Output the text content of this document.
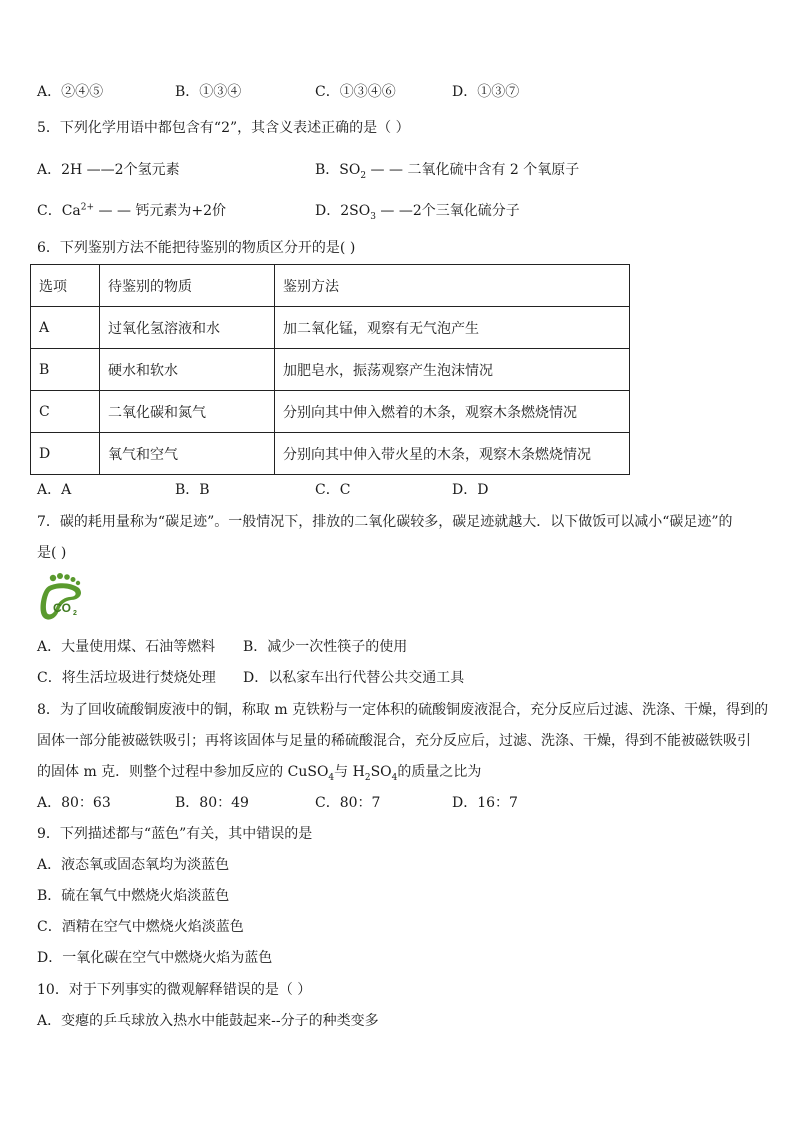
A．②④⑤	B．①③④	C．①③④⑥	D．①③⑦
5．下列化学用语中都包含有“2”，其含义表述正确的是（ ）
A．2H ——2个氢元素	B．$SO_2$ — — 二氧化硫中含有 2 个氧原子
C．$Ca^{2+}$ — — 钙元素为+2价	D．$2SO_3$ — —2个三氧化硫分子
6．下列鉴别方法不能把待鉴别的物质区分开的是( )
选项	待鉴别的物质	鉴别方法
A	过氧化氢溶液和水	加二氧化锰，观察有无气泡产生
B	硬水和软水	加肥皂水，振荡观察产生泡沫情况
C	二氧化碳和氮气	分别向其中伸入燃着的木条，观察木条燃烧情况
D	氧气和空气	分别向其中伸入带火星的木条，观察木条燃烧情况
A．A	B．B	C．C	D．D
7．碳的耗用量称为“碳足迹”。一般情况下，排放的二氧化碳较多，碳足迹就越大．以下做饭可以减小“碳足迹”的
是( )
CO 2
A．大量使用煤、石油等燃料 B．减少一次性筷子的使用
C．将生活垃圾进行焚烧处理 D．以私家车出行代替公共交通工具
8．为了回收硫酸铜废液中的铜，称取 m 克铁粉与一定体积的硫酸铜废液混合，充分反应后过滤、洗涤、干燥，得到的
固体一部分能被磁铁吸引；再将该固体与足量的稀硫酸混合，充分反应后，过滤、洗涤、干燥，得到不能被磁铁吸引
的固体 m 克．则整个过程中参加反应的 CuSO$_4$与 $H_2SO_4$的质量之比为
A．80：63	B．80：49	C．80：7	D．16：7
9．下列描述都与“蓝色”有关，其中错误的是
A．液态氧或固态氧均为淡蓝色
B．硫在氧气中燃烧火焰淡蓝色
C．酒精在空气中燃烧火焰淡蓝色
D．一氧化碳在空气中燃烧火焰为蓝色
10．对于下列事实的微观解释错误的是（ ）
A．变瘪的乒乓球放入热水中能鼓起来--分子的种类变多
